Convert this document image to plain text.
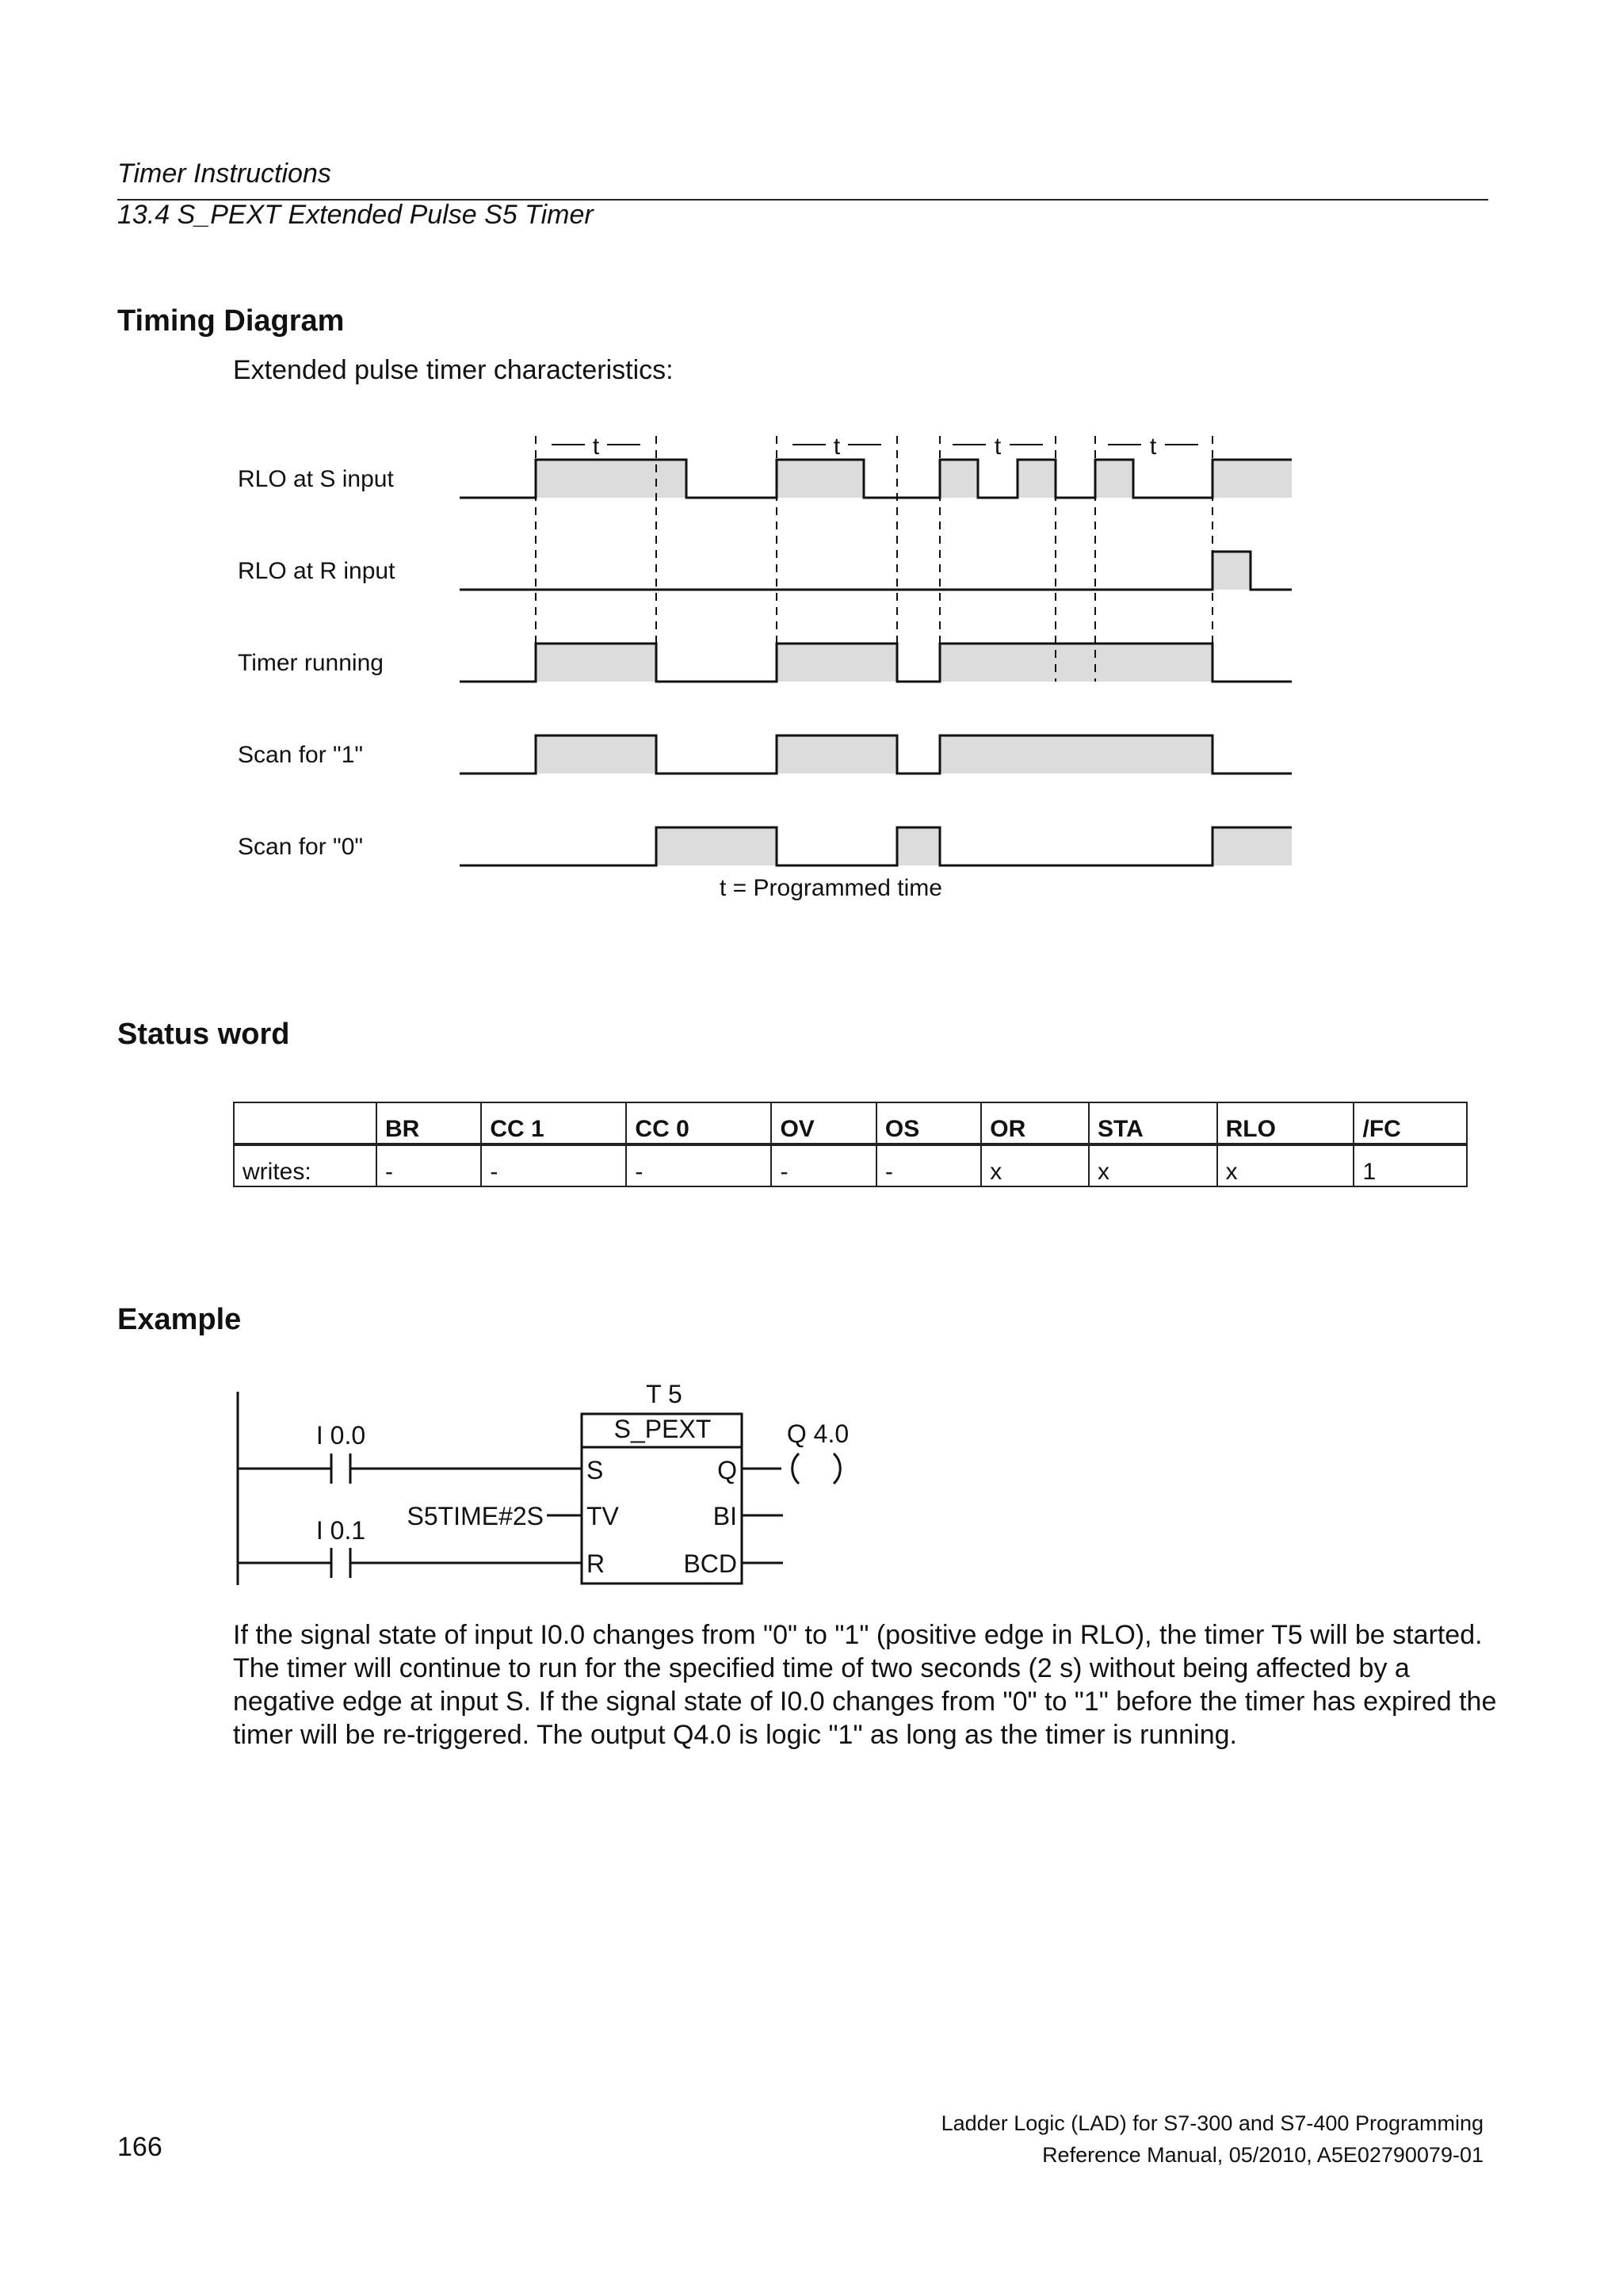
Timer Instructions
13.4 S_PEXT Extended Pulse S5 Timer
Timing Diagram
Extended pulse timer characteristics:
RLO at S input
RLO at R input
Timer running
Scan for "1"
Scan for "0"
t	t	t	t
t = Programmed time
Status word
	BR	CC 1	CC 0	OV	OS	OR	STA	RLO	/FC
writes:	-	-	-	-	-	x	x	x	1
Example
T 5
S_PEXT
S
TV
R
Q
BI
BCD
I 0.0
I 0.1 S5TIME#2S
Q 4.0

If the signal state of input I0.0 changes from "0" to "1" (positive edge in RLO), the timer T5 will be started. The timer will continue to run for the specified time of two seconds (2 s) without being affected by a negative edge at input S. If the signal state of I0.0 changes from "0" to "1" before the timer has expired the timer will be re-triggered. The output Q4.0 is logic "1" as long as the timer is running.

Ladder Logic (LAD) for S7-300 and S7-400 Programming
Reference Manual, 05/2010, A5E02790079-01
166
